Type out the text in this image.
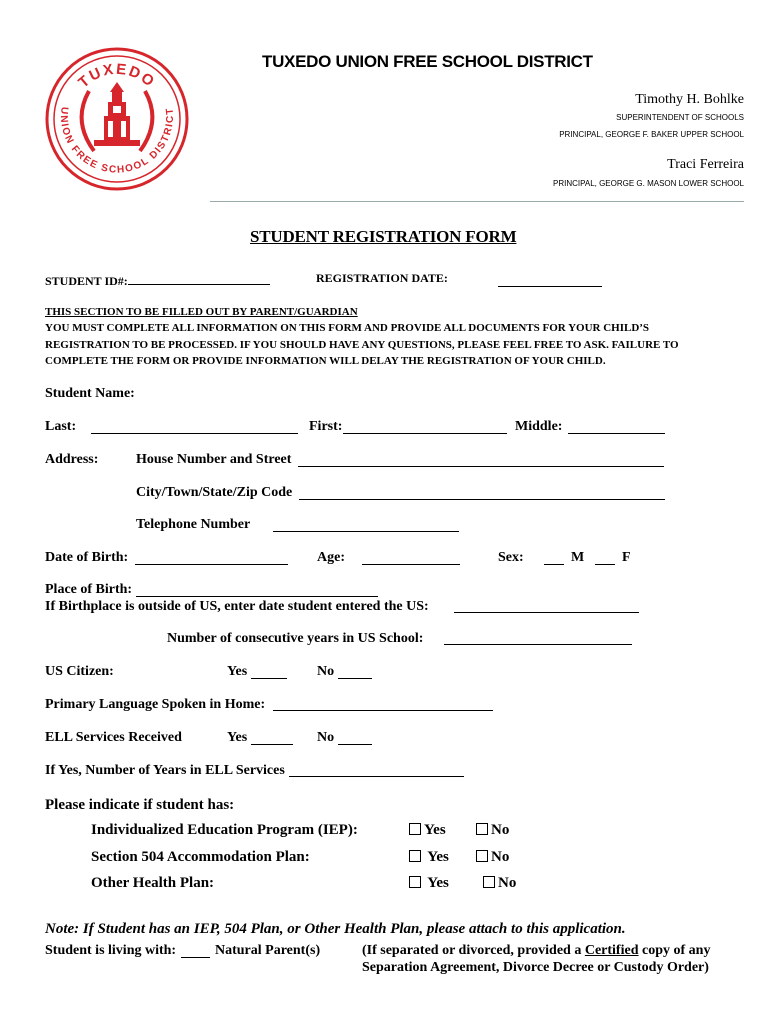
TUXEDO
UNION FREE SCHOOL DISTRICT
TUXEDO UNION FREE SCHOOL DISTRICT
Timothy H. Bohlke
SUPERINTENDENT OF SCHOOLS
PRINCIPAL, GEORGE F. BAKER UPPER SCHOOL
Traci Ferreira
PRINCIPAL, GEORGE G. MASON LOWER SCHOOL
STUDENT REGISTRATION FORM
STUDENT ID#:	REGISTRATION DATE:
THIS SECTION TO BE FILLED OUT BY PARENT/GUARDIAN
YOU MUST COMPLETE ALL INFORMATION ON THIS FORM AND PROVIDE ALL DOCUMENTS FOR YOUR CHILD’S
REGISTRATION TO BE PROCESSED. IF YOU SHOULD HAVE ANY QUESTIONS, PLEASE FEEL FREE TO ASK. FAILURE TO
COMPLETE THE FORM OR PROVIDE INFORMATION WILL DELAY THE REGISTRATION OF YOUR CHILD.
Student Name:
Last:	First:	Middle:
Address:	House Number and Street
City/Town/State/Zip Code
Telephone Number
Date of Birth:	Age:	Sex:	M	F
Place of Birth:
If Birthplace is outside of US, enter date student entered the US:
Number of consecutive years in US School:
US Citizen:	Yes	No
Primary Language Spoken in Home:
ELL Services Received	Yes	No
If Yes, Number of Years in ELL Services
Please indicate if student has:
Individualized Education Program (IEP):	Yes	No
Section 504 Accommodation Plan:	Yes	No
Other Health Plan:	Yes	No
Note: If Student has an IEP, 504 Plan, or Other Health Plan, please attach to this application.
Student is living with:	Natural Parent(s)	(If separated or divorced, provided a Certified copy of any
Separation Agreement, Divorce Decree or Custody Order)
